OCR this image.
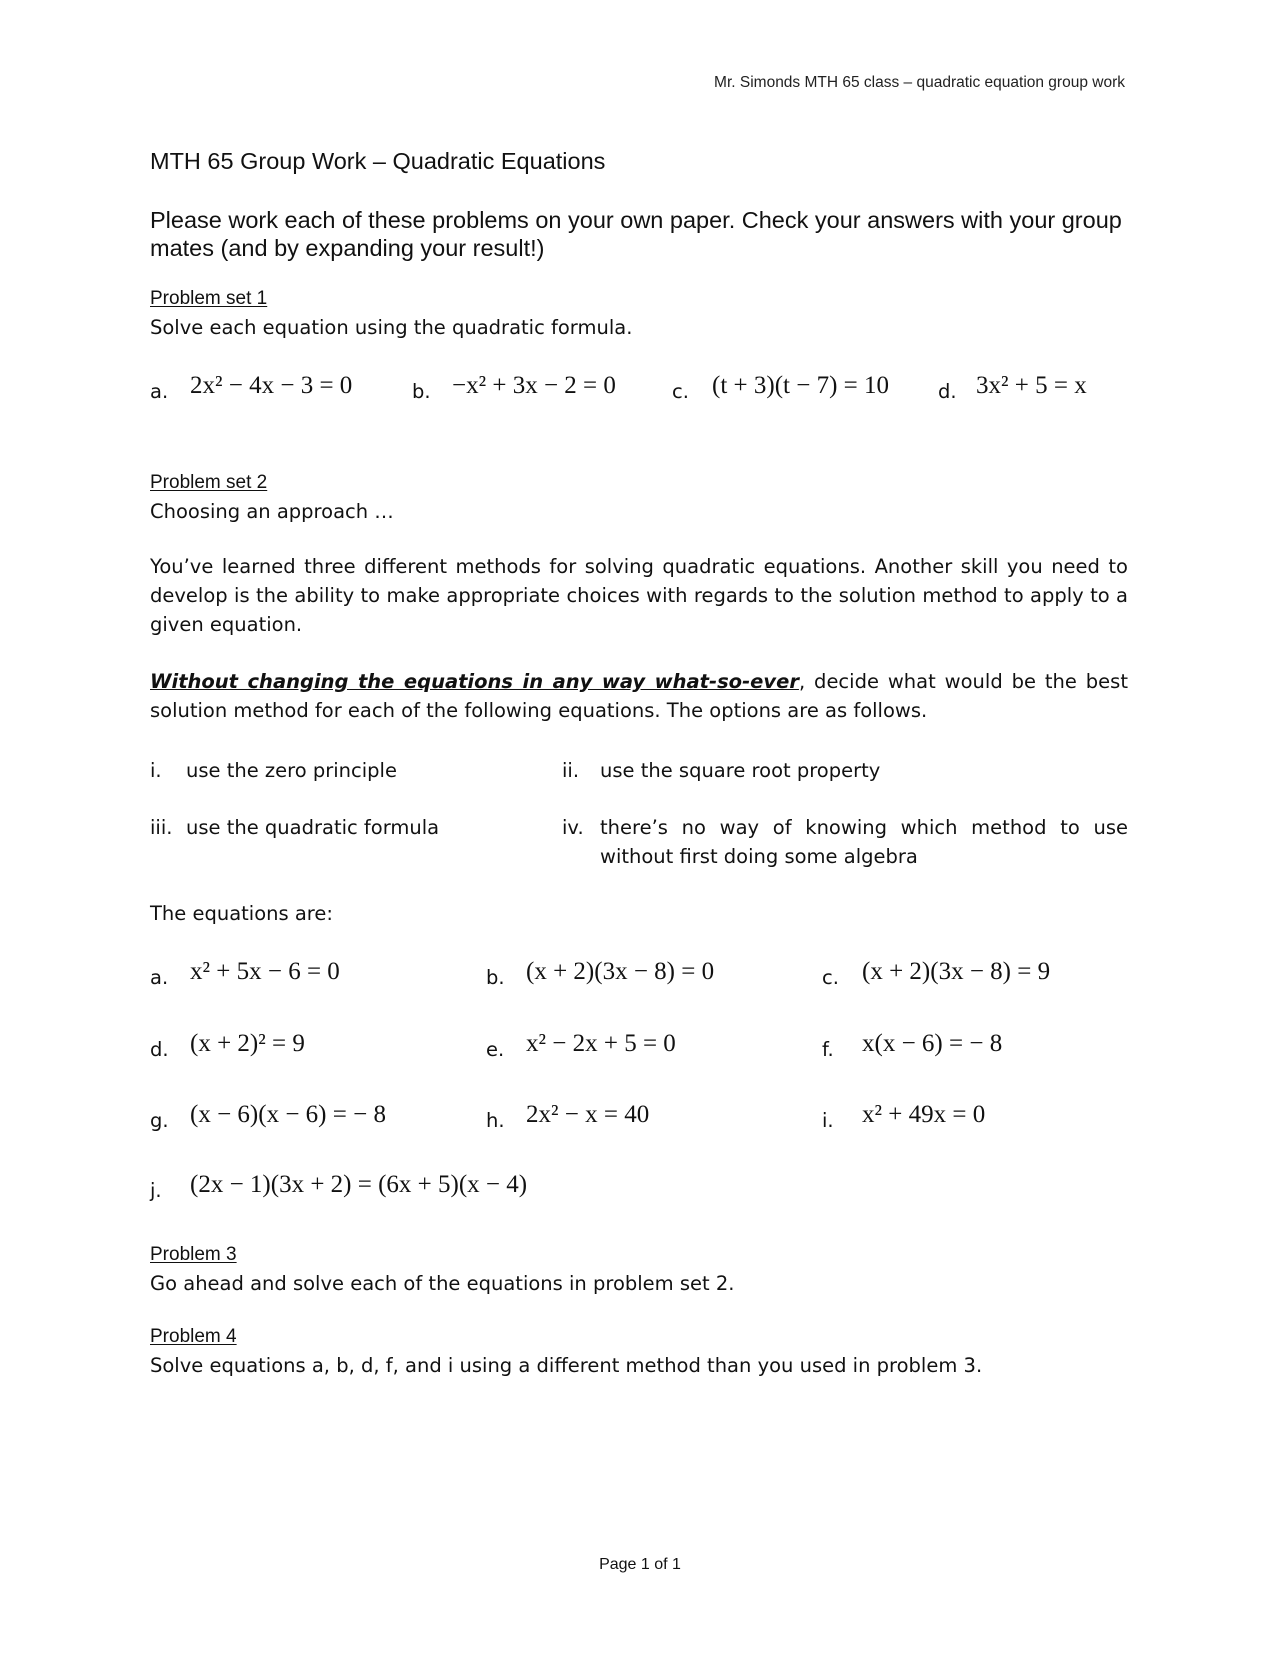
Mr. Simonds MTH 65 class – quadratic equation group work
MTH 65 Group Work – Quadratic Equations
Please work each of these problems on your own paper. Check your answers with your group mates (and by expanding your result!)
Problem set 1
Solve each equation using the quadratic formula.
a. 2x² − 4x − 3 = 0	b. −x² + 3x − 2 = 0	c. (t + 3)(t − 7) = 10	d. 3x² + 5 = x
Problem set 2
Choosing an approach …
You’ve learned three different methods for solving quadratic equations. Another skill you need to develop is the ability to make appropriate choices with regards to the solution method to apply to a given equation.
Without changing the equations in any way what-so-ever, decide what would be the best solution method for each of the following equations. The options are as follows.
i. use the zero principle	ii. use the square root property
iii. use the quadratic formula	iv. there’s no way of knowing which method to use without first doing some algebra
The equations are:
a. x² + 5x − 6 = 0	b. (x + 2)(3x − 8) = 0	c. (x + 2)(3x − 8) = 9
d. (x + 2)² = 9	e. x² − 2x + 5 = 0	f. x(x − 6) = − 8
g. (x − 6)(x − 6) = − 8	h. 2x² − x = 40	i. x² + 49x = 0
j. (2x − 1)(3x + 2) = (6x + 5)(x − 4)
Problem 3
Go ahead and solve each of the equations in problem set 2.
Problem 4
Solve equations a, b, d, f, and i using a different method than you used in problem 3.
Page 1 of 1
